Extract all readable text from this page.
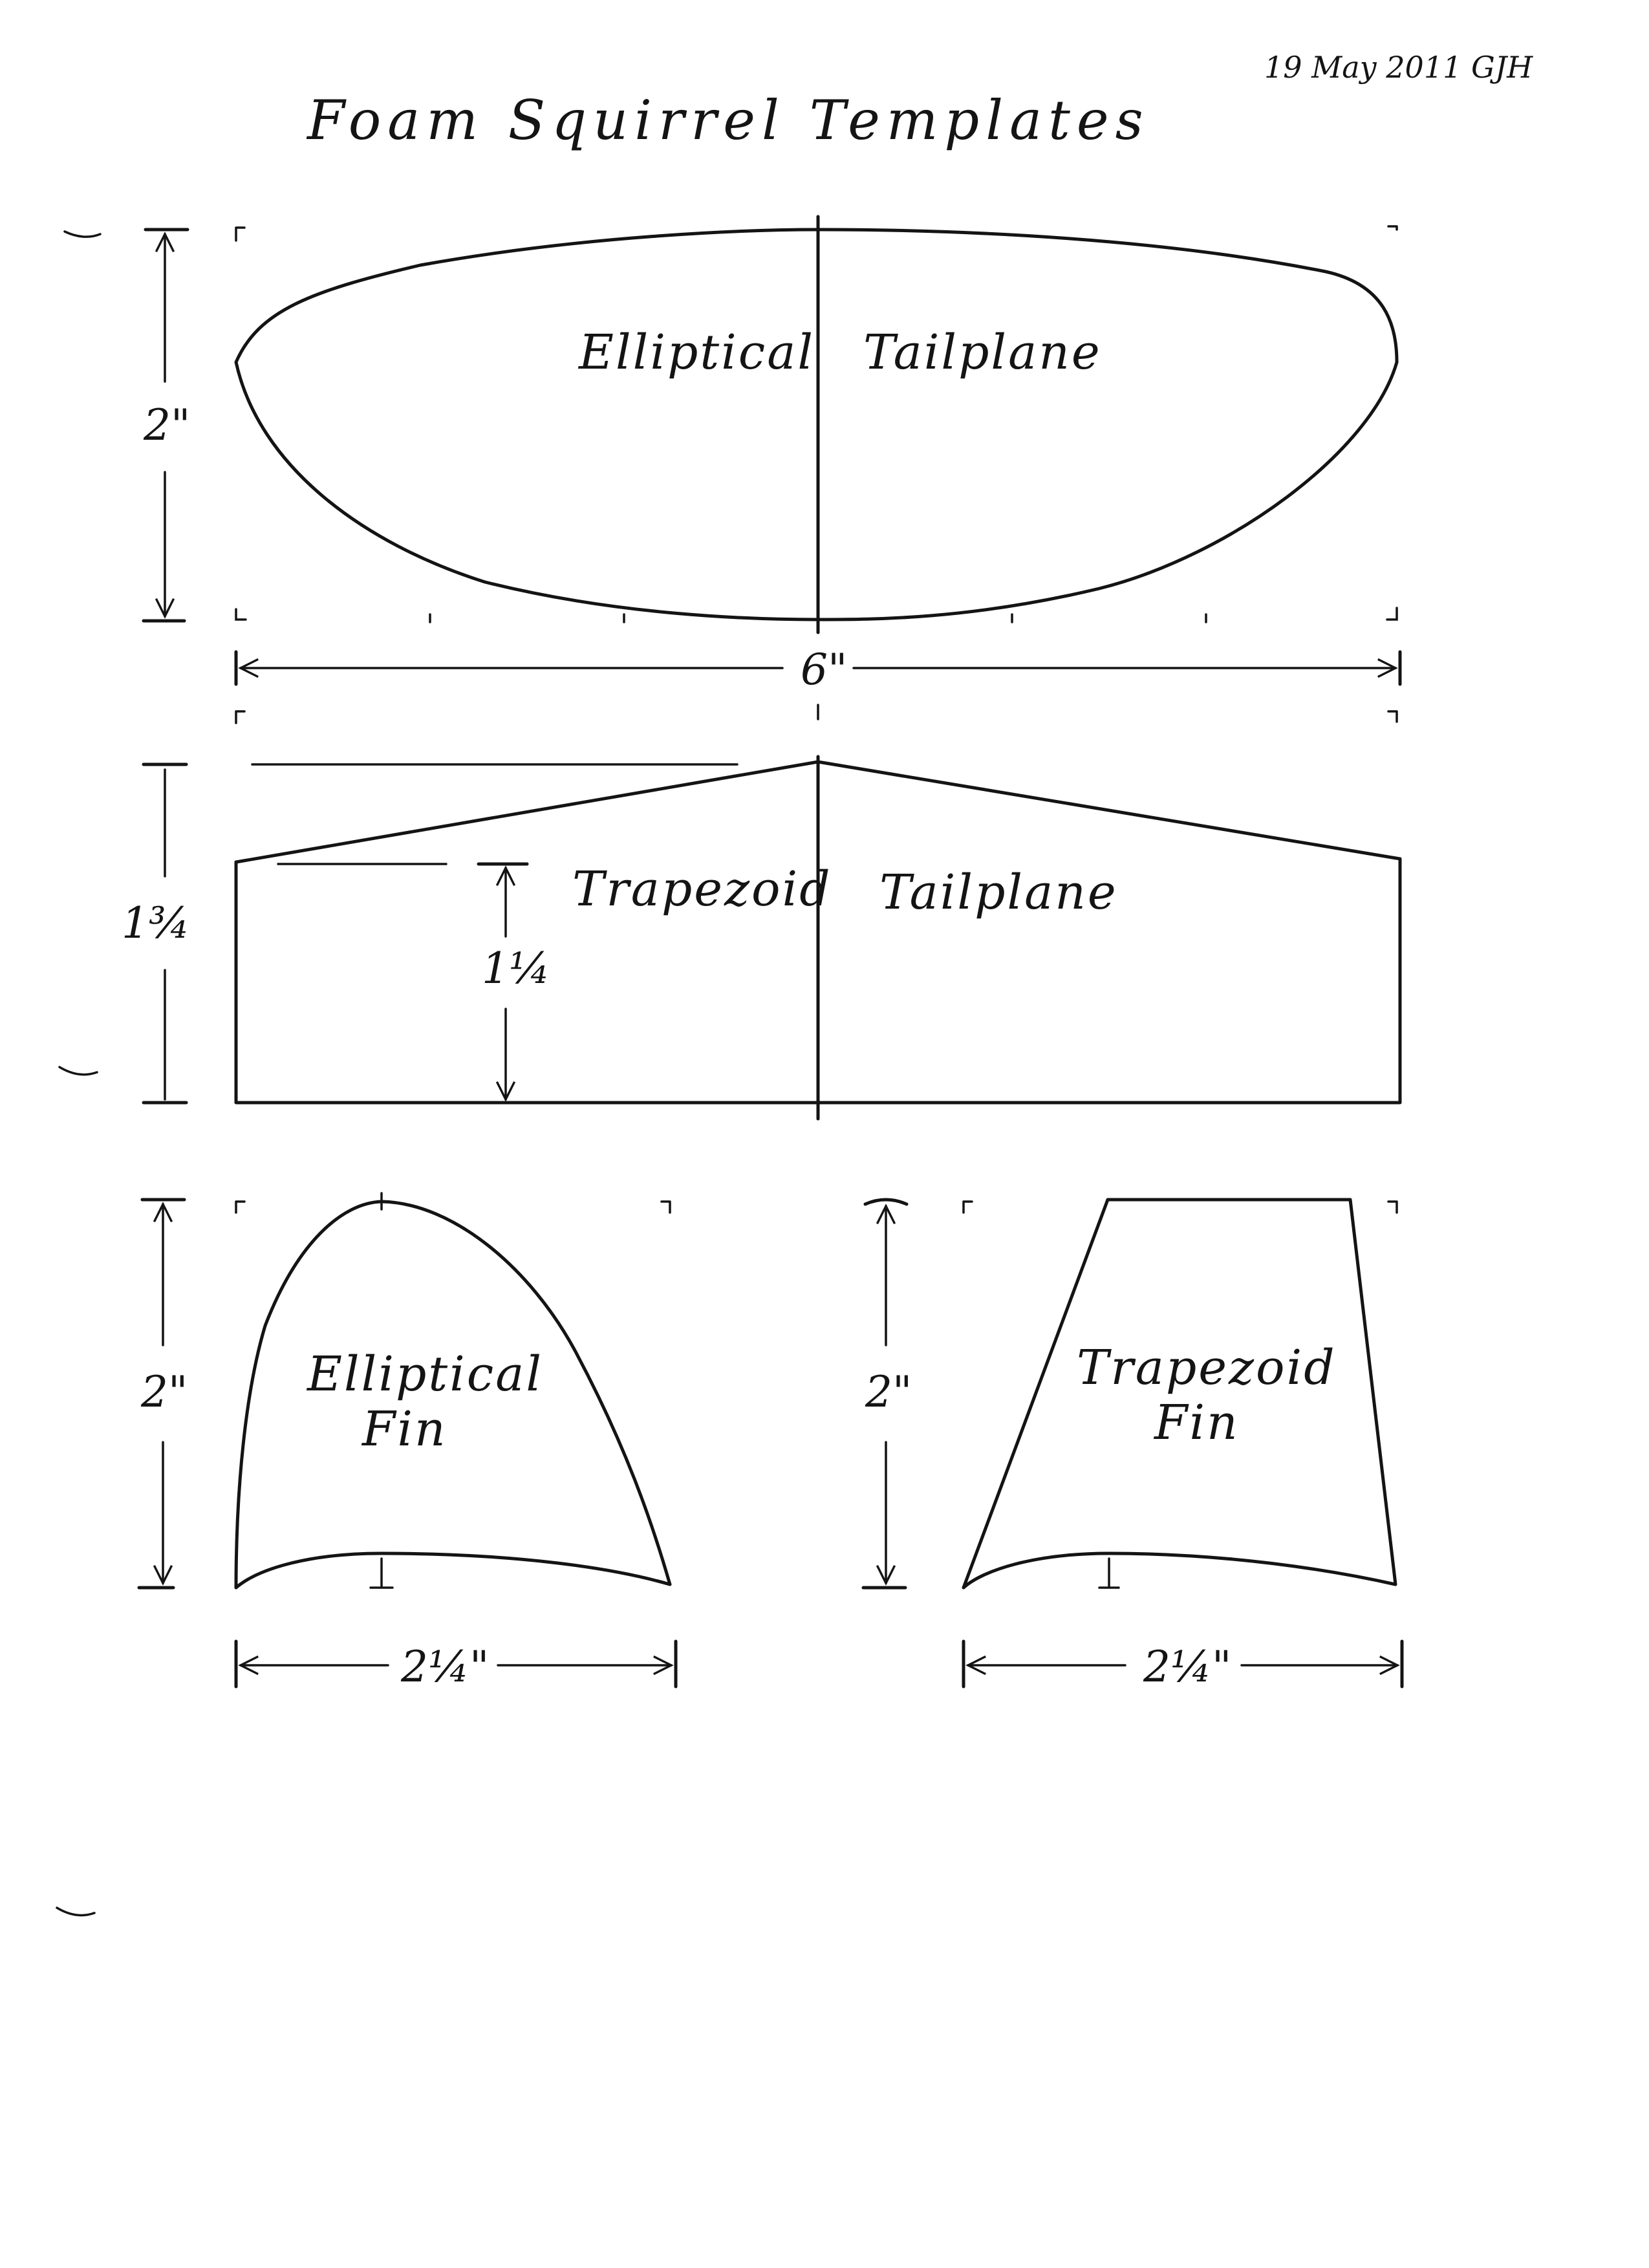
Foam Squirrel Templates
19 May 2011 GJH
Elliptical Tailplane
2"
6"
Trapezoid Tailplane
1¾
1¼
Elliptical
Fin
2"
2¼"
Trapezoid
Fin
2"
2¼"
